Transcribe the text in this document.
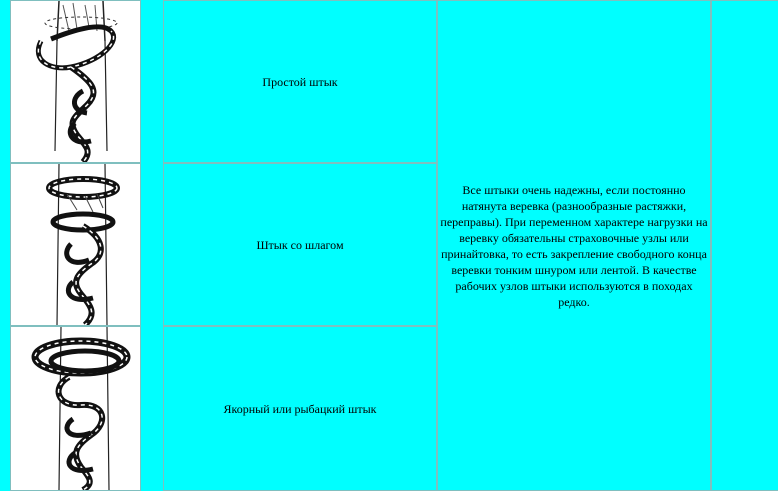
Простой штык
Штык со шлагом
Якорный или рыбацкий штык
Все штыки очень надежны, если постоянно натянута веревка (разнообразные растяжки, переправы). При переменном характере нагрузки на веревку обязательны страховочные узлы или принайтовка, то есть закрепление свободного конца веревки тонким шнуром или лентой. В качестве рабочих узлов штыки используются в походах редко.
